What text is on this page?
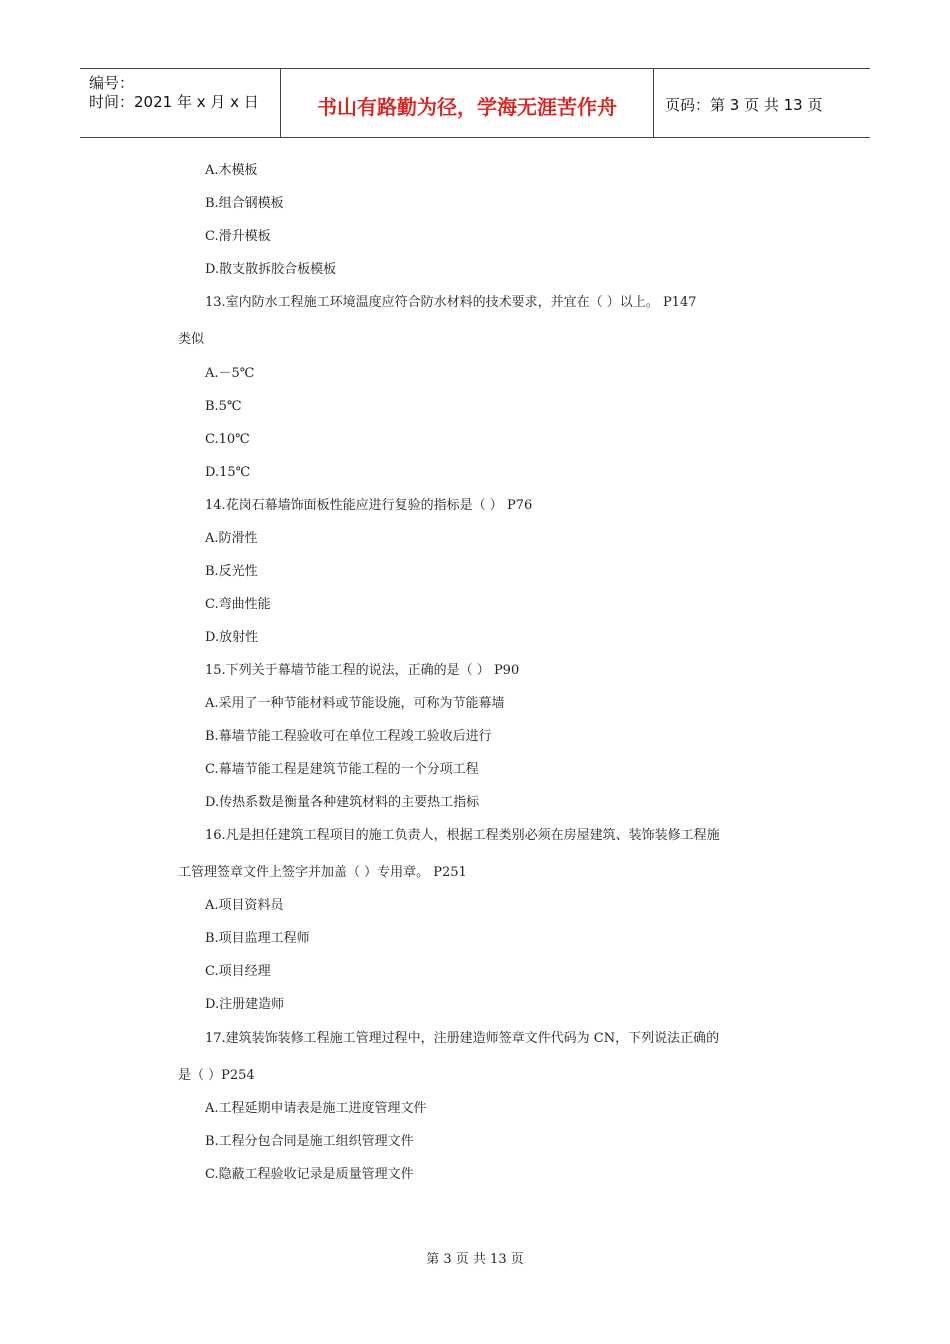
编号：
时间：2021 年 x 月 x 日	书山有路勤为径，学海无涯苦作舟	页码：第 3 页 共 13 页
A.木模板
B.组合钢模板
C.滑升模板
D.散支散拆胶合板模板
13.室内防水工程施工环境温度应符合防水材料的技术要求，并宜在（ ）以上。 P147
类似
A.－5℃
B.5℃
C.10℃
D.15℃
14.花岗石幕墙饰面板性能应进行复验的指标是（ ） P76
A.防滑性
B.反光性
C.弯曲性能
D.放射性
15.下列关于幕墙节能工程的说法，正确的是（ ） P90
A.采用了一种节能材料或节能设施，可称为节能幕墙
B.幕墙节能工程验收可在单位工程竣工验收后进行
C.幕墙节能工程是建筑节能工程的一个分项工程
D.传热系数是衡量各种建筑材料的主要热工指标
16.凡是担任建筑工程项目的施工负责人，根据工程类别必须在房屋建筑、装饰装修工程施
工管理签章文件上签字并加盖（ ）专用章。 P251
A.项目资料员
B.项目监理工程师
C.项目经理
D.注册建造师
17.建筑装饰装修工程施工管理过程中，注册建造师签章文件代码为 CN，下列说法正确的
是（ ）P254
A.工程延期申请表是施工进度管理文件
B.工程分包合同是施工组织管理文件
C.隐蔽工程验收记录是质量管理文件
第 3 页 共 13 页
